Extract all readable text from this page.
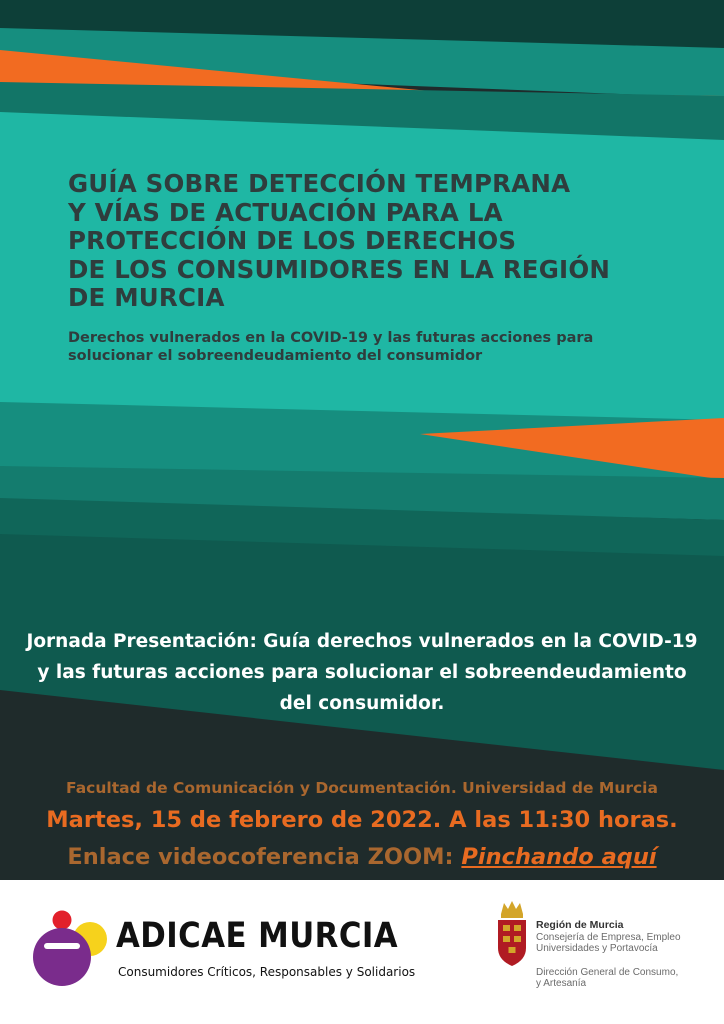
GUÍA SOBRE DETECCIÓN TEMPRANA
Y VÍAS DE ACTUACIÓN PARA LA
PROTECCIÓN DE LOS DERECHOS
DE LOS CONSUMIDORES EN LA REGIÓN
DE MURCIA

Derechos vulnerados en la COVID-19 y las futuras acciones para
solucionar el sobreendeudamiento del consumidor

Jornada Presentación: Guía derechos vulnerados en la COVID-19
y las futuras acciones para solucionar el sobreendeudamiento
del consumidor.
Facultad de Comunicación y Documentación. Universidad de Murcia
Martes, 15 de febrero de 2022. A las 11:30 horas.
Enlace videocoferencia ZOOM: Pinchando aquí
ADICAE MURCIA
Consumidores Críticos, Responsables y Solidarios
Región de Murcia
Consejería de Empresa, Empleo
Universidades y Portavocía
Dirección General de Consumo,
y Artesanía
